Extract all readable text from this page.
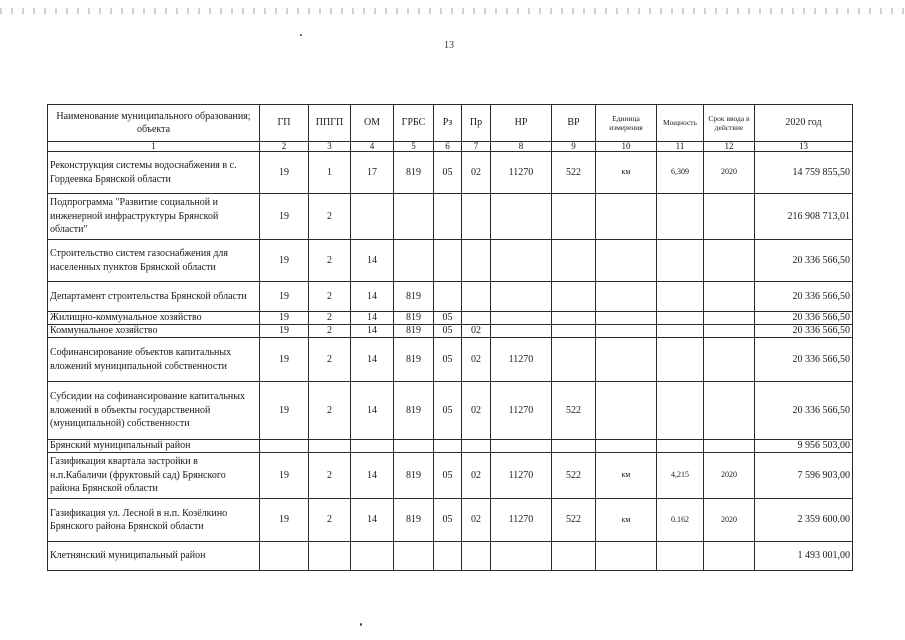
13
Наименование муниципального образования; объекта	ГП	ППГП	ОМ	ГРБС	Рз	Пр	НР	ВР	Единица измерения	Мощность	Срок ввода в действие	2020 год
1	2	3	4	5	6	7	8	9	10	11	12	13
Реконструкция системы водоснабжения в с. Гордеевка Брянской области	19	1	17	819	05	02	11270	522	км	6,309	2020	14 759 855,50
Подпрограмма "Развитие социальной и инженерной инфраструктуры Брянской области"	19	2										216 908 713,01
Строительство систем газоснабжения для населенных пунктов Брянской области	19	2	14									20 336 566,50
Департамент строительства Брянской области	19	2	14	819								20 336 566,50
Жилищно-коммунальное хозяйство	19	2	14	819	05							20 336 566,50
Коммунальное хозяйство	19	2	14	819	05	02						20 336 566,50
Софинансирование объектов капитальных вложений муниципальной собственности	19	2	14	819	05	02	11270					20 336 566,50
Субсидии на софинансирование капитальных вложений в объекты государственной (муниципальной) собственности	19	2	14	819	05	02	11270	522				20 336 566,50
Брянский муниципальный район												9 956 503,00
Газификация квартала застройки в н.п.Кабаличи (фруктовый сад) Брянского района Брянской области	19	2	14	819	05	02	11270	522	км	4,215	2020	7 596 903,00
Газификация ул. Лесной в н.п. Козёлкино Брянского района Брянской области	19	2	14	819	05	02	11270	522	км	0.162	2020	2 359 600.00
Клетнянский муниципальный район												1 493 001,00
